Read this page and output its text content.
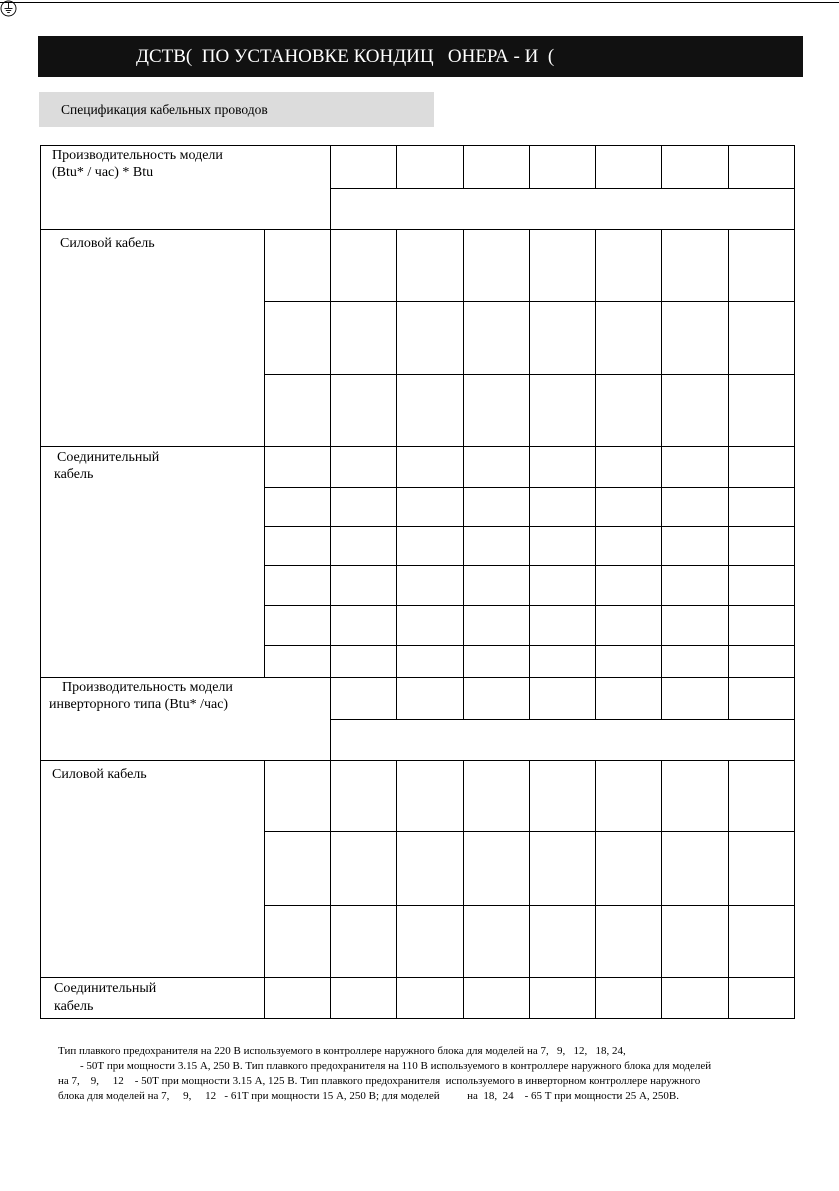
ДСТВ(  ПО УСТАНОВКЕ КОНДИЦ   ОНЕРА - И  (

Спецификация кабельных проводов
Производительность модели
(Btu* / час) * Btu
Силовой кабель
Соединительный
кабель
Производительность модели
инверторного типа (Btu* /час)
Силовой кабель
Соединительный
кабель
Тип плавкого предохранителя на 220 В используемого в контроллере наружного блока для моделей на 7,   9,   12,   18, 24,
- 50Т при мощности 3.15 А, 250 В. Тип плавкого предохранителя на 110 В используемого в контроллере наружного блока для моделей
на 7,    9,     12    - 50Т при мощности 3.15 А, 125 В. Тип плавкого предохранителя  используемого в инверторном контроллере наружного
блока для моделей на 7,     9,     12   - 61Т при мощности 15 А, 250 В; для моделей          на  18,  24    - 65 Т при мощности 25 А, 250В.
